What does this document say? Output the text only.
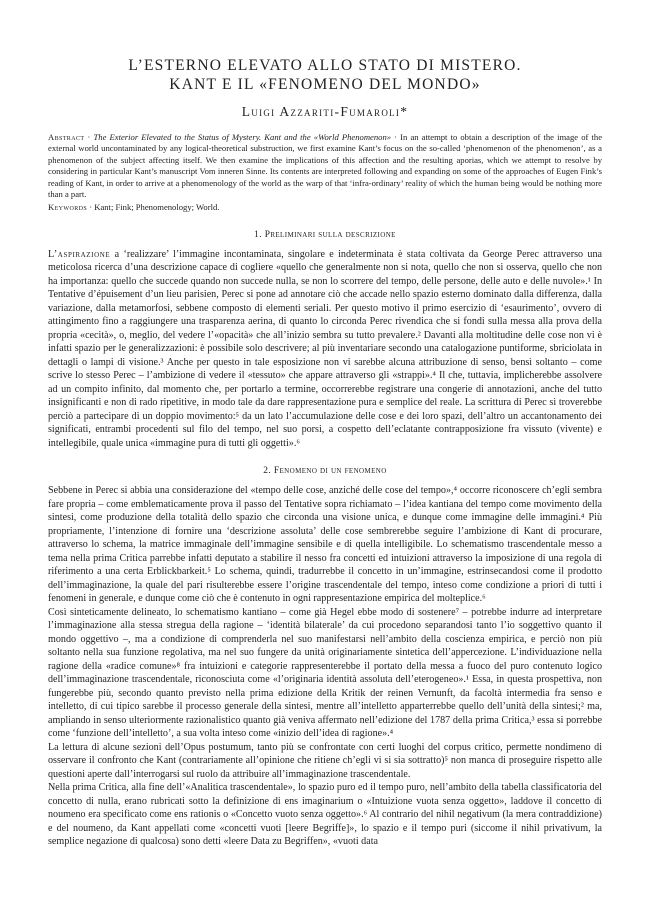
L’ESTERNO ELEVATO ALLO STATO DI MISTERO.
KANT E IL «FENOMENO DEL MONDO»
Luigi Azzariti-Fumaroli*

Abstract · The Exterior Elevated to the Status of Mystery. Kant and the «World Phenomenon» · In an attempt to obtain a description of the image of the external world uncontaminated by any logical-theoretical substruction, we first examine Kant’s focus on the so-called ‘phenomenon of the phenomenon’, as a phenomenon of the subject affecting itself. We then examine the implications of this affection and the resulting aporias, which we attempt to resolve by considering in particular Kant’s manuscript Vom inneren Sinne. Its contents are interpreted following and expanding on some of the approaches of Eugen Fink’s reading of Kant, in order to arrive at a phenomenology of the world as the warp of that ‘infra-ordinary’ reality of which the human being would be nothing more than a part.

Keywords · Kant; Fink; Phenomenology; World.

1. Preliminari sulla descrizione

L’aspirazione a ‘realizzare’ l’immagine incontaminata, singolare e indeterminata è stata coltivata da George Perec attraverso una meticolosa ricerca d’una descrizione capace di cogliere «quello che generalmente non si nota, quello che non si osserva, quello che non ha importanza: quello che succede quando non succede nulla, se non lo scorrere del tempo, delle persone, delle auto e delle nuvole».¹ In Tentative d’épuisement d’un lieu parisien, Perec si pone ad annotare ciò che accade nello spazio esterno dominato dalla differenza, dalla variazione, dalla metamorfosi, sebbene composto di elementi seriali. Per questo motivo il primo esercizio di ‘esaurimento’, ovvero di attingimento fino a raggiungere una trasparenza aerina, di quanto lo circonda Perec rivendica che si fondi sulla messa alla prova della propria «cecità», o, meglio, del vedere l’«opacità» che all’inizio sembra su tutto prevalere.² Davanti alla moltitudine delle cose non vi è infatti spazio per le generalizzazioni: è possibile solo descrivere; al più inventariare secondo una catalogazione puntiforme, sbriciolata in dettagli o lampi di visione.³ Anche per questo in tale esposizione non vi sarebbe alcuna attribuzione di senso, bensì soltanto – come scrive lo stesso Perec – l’ambizione di vedere il «tessuto» che appare attraverso gli «strappi».⁴ Il che, tuttavia, implicherebbe assolvere ad un compito infinito, dal momento che, per portarlo a termine, occorrerebbe registrare una congerie di annotazioni, anche del tutto insignificanti e non di rado ripetitive, in modo tale da dare rappresentazione pura e semplice del reale. La scrittura di Perec si troverebbe perciò a partecipare di un doppio movimento:⁵ da un lato l’accumulazione delle cose e dei loro spazi, dell’altro un accantonamento dei significati, entrambi procedenti sul filo del tempo, nel suo porsi, a cospetto dell’eclatante contrapposizione fra vissuto (vivente) e intellegibile, quale unica «immagine pura di tutti gli oggetti».⁶

2. Fenomeno di un fenomeno

Sebbene in Perec si abbia una considerazione del «tempo delle cose, anziché delle cose del tempo»,⁴ occorre riconoscere ch’egli sembra fare propria – come emblematicamente prova il passo del Tentative sopra richiamato – l’idea kantiana del tempo come movimento della sintesi, come produzione della totalità dello spazio che circonda una visione unica, e dunque come immagine delle immagini.⁴ Più propriamente, l’intenzione di fornire una ‘descrizione assoluta’ delle cose sembrerebbe seguire l’ambizione di Kant di procurare, attraverso lo schema, la matrice immaginale dell’immagine sensibile e di quella intelligibile. Lo schematismo trascendentale messo a tema nella prima Critica parrebbe infatti deputato a stabilire il nesso fra concetti ed intuizioni attraverso la imposizione di una regola di riferimento a una certa Erblickbarkeit.⁵ Lo schema, quindi, tradurrebbe il concetto in un’immagine, estrinsecandosi come il prodotto dell’immaginazione, la quale del pari risulterebbe essere l’origine trascendentale del tempo, inteso come condizione a priori di tutti i fenomeni in generale, e dunque come ciò che è contenuto in ogni rappresentazione empirica del molteplice.⁶

Così sinteticamente delineato, lo schematismo kantiano – come già Hegel ebbe modo di sostenere⁷ – potrebbe indurre ad interpretare l’immaginazione alla stessa stregua della ragione – ‘identità bilaterale’ da cui procedono separandosi tanto l’io soggettivo quanto il mondo oggettivo –, ma a condizione di comprenderla nel suo manifestarsi nell’ambito della coscienza empirica, e perciò non più soltanto nella sua funzione regolativa, ma nel suo fungere da unità originariamente sintetica dell’appercezione. L’individuazione nella ragione della «radice comune»⁸ fra intuizioni e categorie rappresenterebbe il portato della messa a fuoco del puro contenuto logico dell’immaginazione trascendentale, riconosciuta come «l’originaria identità assoluta dell’eterogeneo».¹ Essa, in questa prospettiva, non fungerebbe più, secondo quanto previsto nella prima edizione della Kritik der reinen Vernunft, da facoltà intermedia fra senso e intelletto, di cui tipico sarebbe il processo generale della sintesi, mentre all’intelletto apparterrebbe quello dell’unità della sintesi;² ma, ampliando in senso ulteriormente razionalistico quanto già veniva affermato nell’edizione del 1787 della prima Critica,³ essa si porrebbe come ‘funzione dell’intelletto’, a sua volta inteso come «inizio dell’idea di ragione».⁴

La lettura di alcune sezioni dell’Opus postumum, tanto più se confrontate con certi luoghi del corpus critico, permette nondimeno di osservare il confronto che Kant (contrariamente all’opinione che ritiene ch’egli vi si sia sottratto)⁵ non manca di proseguire rispetto alle questioni aperte dall’interrogarsi sul ruolo da attribuire all’immaginazione trascendentale.

Nella prima Critica, alla fine dell’«Analitica trascendentale», lo spazio puro ed il tempo puro, nell’ambito della tabella classificatoria del concetto di nulla, erano rubricati sotto la definizione di ens imaginarium o «Intuizione vuota senza oggetto», laddove il concetto di noumeno era specificato come ens rationis o «Concetto vuoto senza oggetto».⁶ Al contrario del nihil negativum (la mera contraddizione) e del noumeno, da Kant appellati come «concetti vuoti [leere Begriffe]», lo spazio e il tempo puri (siccome il nihil privativum, la semplice negazione di qualcosa) sono detti «leere Data zu Begriffen», «vuoti data
